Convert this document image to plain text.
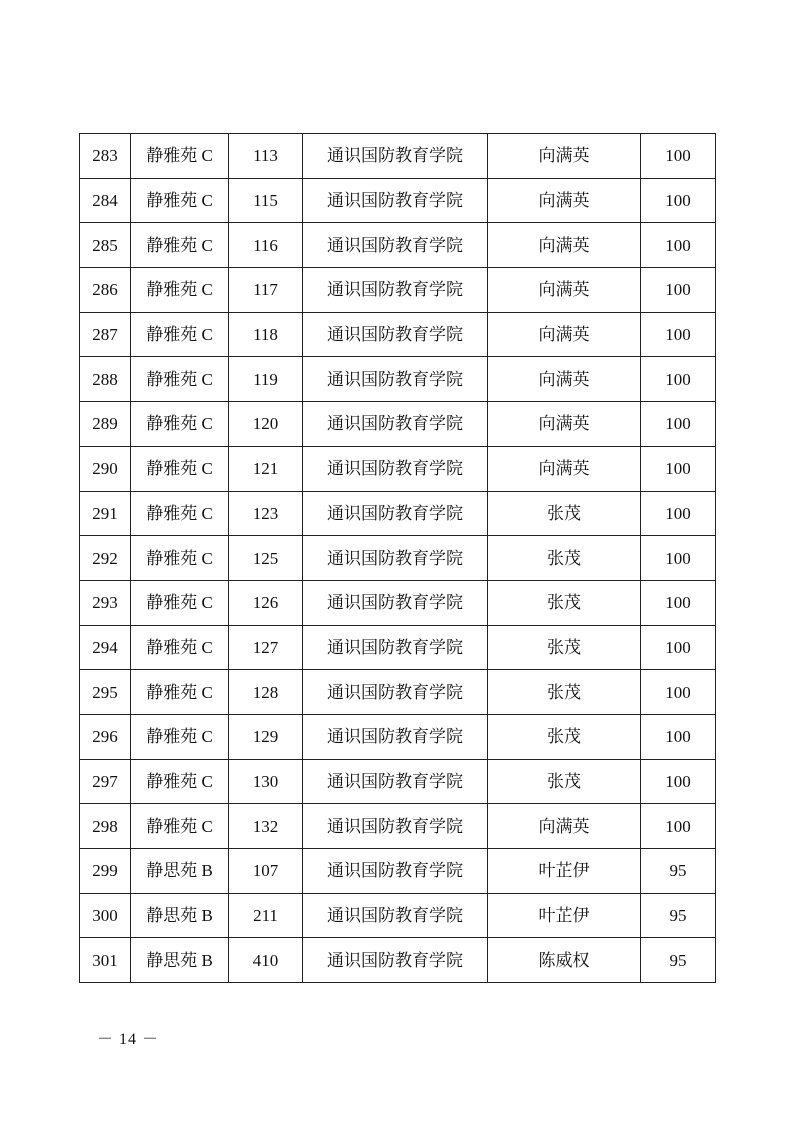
283	静雅苑 C	113	通识国防教育学院	向满英	100
284	静雅苑 C	115	通识国防教育学院	向满英	100
285	静雅苑 C	116	通识国防教育学院	向满英	100
286	静雅苑 C	117	通识国防教育学院	向满英	100
287	静雅苑 C	118	通识国防教育学院	向满英	100
288	静雅苑 C	119	通识国防教育学院	向满英	100
289	静雅苑 C	120	通识国防教育学院	向满英	100
290	静雅苑 C	121	通识国防教育学院	向满英	100
291	静雅苑 C	123	通识国防教育学院	张茂	100
292	静雅苑 C	125	通识国防教育学院	张茂	100
293	静雅苑 C	126	通识国防教育学院	张茂	100
294	静雅苑 C	127	通识国防教育学院	张茂	100
295	静雅苑 C	128	通识国防教育学院	张茂	100
296	静雅苑 C	129	通识国防教育学院	张茂	100
297	静雅苑 C	130	通识国防教育学院	张茂	100
298	静雅苑 C	132	通识国防教育学院	向满英	100
299	静思苑 B	107	通识国防教育学院	叶芷伊	95
300	静思苑 B	211	通识国防教育学院	叶芷伊	95
301	静思苑 B	410	通识国防教育学院	陈威权	95
－ 14 －
